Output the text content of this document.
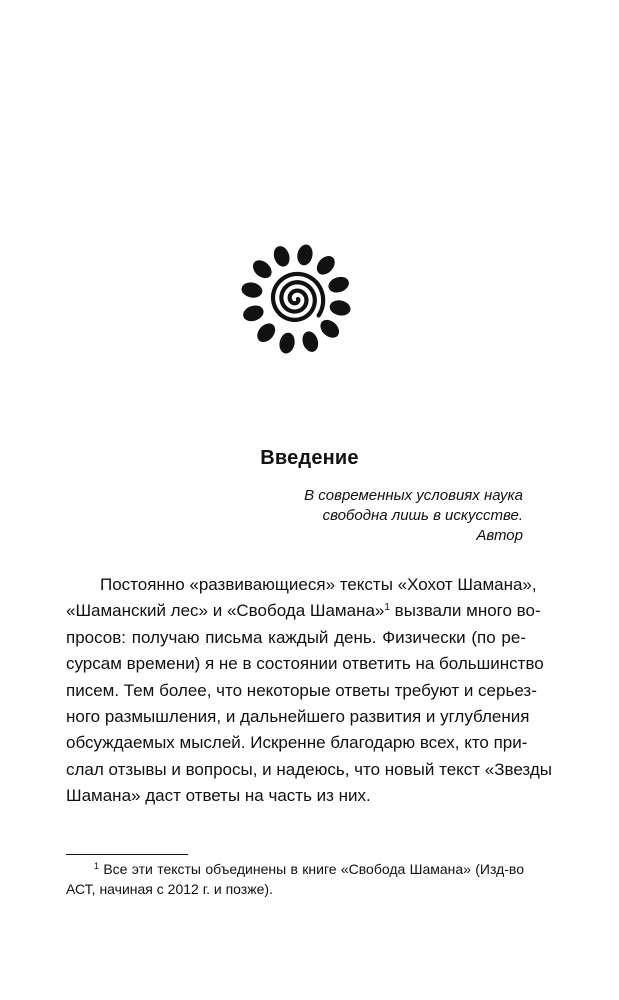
Введение
В современных условиях наука
свободна лишь в искусстве.
Автор
Постоянно «развивающиеся» тексты «Хохот Шамана»,
«Шаманский лес» и «Свобода Шамана»$^1$ вызвали много во-
просов: получаю письма каждый день. Физически (по ре-
сурсам времени) я не в состоянии ответить на большинство
писем. Тем более, что некоторые ответы требуют и серьез-
ного размышления, и дальнейшего развития и углубления
обсуждаемых мыслей. Искренне благодарю всех, кто при-
слал отзывы и вопросы, и надеюсь, что новый текст «Звезды
Шамана» даст ответы на часть из них.
$^1$ Все эти тексты объединены в книге «Свобода Шамана» (Изд-во
АСТ, начиная с 2012 г. и позже).
